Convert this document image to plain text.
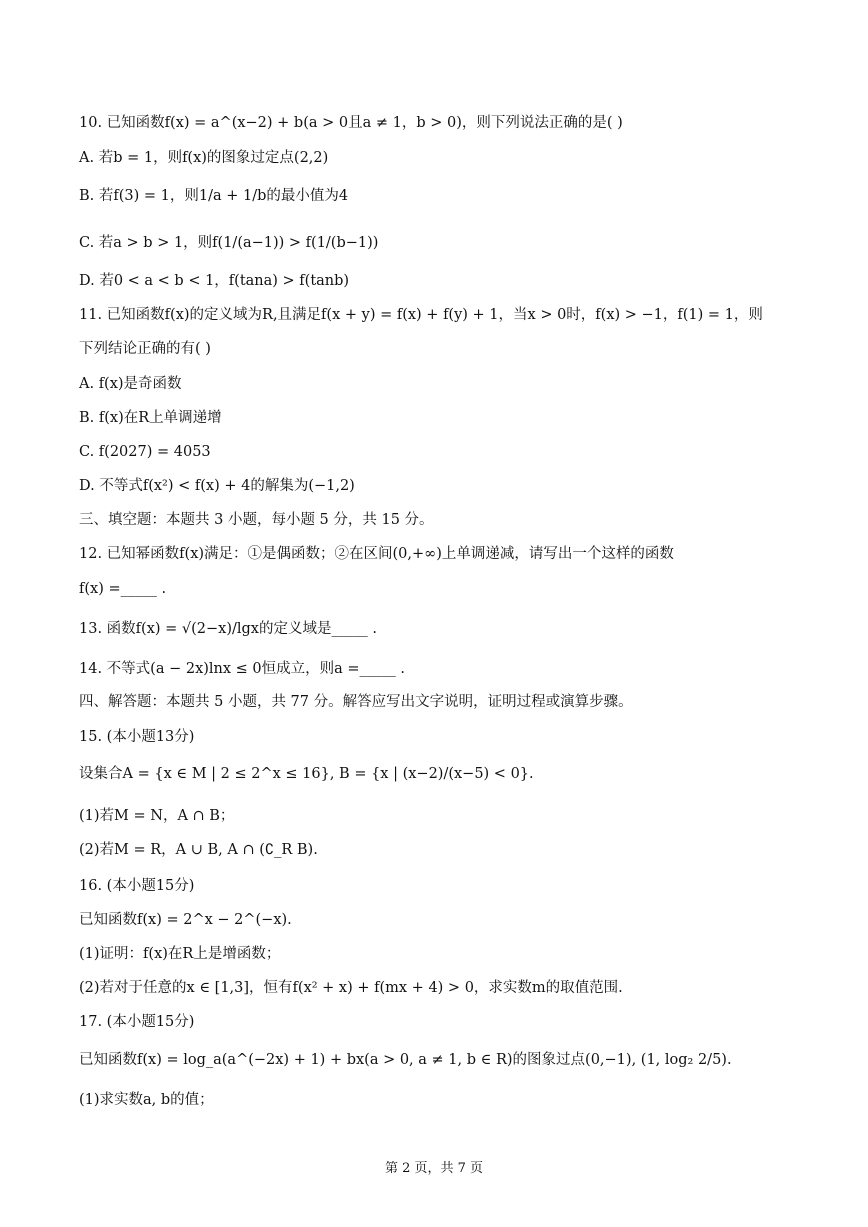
10. 已知函数f(x) = a^(x−2) + b(a > 0且a ≠ 1，b > 0)，则下列说法正确的是( )
A. 若b = 1，则f(x)的图象过定点(2,2)
B. 若f(3) = 1，则1/a + 1/b的最小值为4
C. 若a > b > 1，则f(1/(a−1)) > f(1/(b−1))
D. 若0 < a < b < 1，f(tana) > f(tanb)
11. 已知函数f(x)的定义域为R,且满足f(x + y) = f(x) + f(y) + 1，当x > 0时，f(x) > −1，f(1) = 1，则
下列结论正确的有( )
A. f(x)是奇函数
B. f(x)在R上单调递增
C. f(2027) = 4053
D. 不等式f(x²) < f(x) + 4的解集为(−1,2)
三、填空题：本题共 3 小题，每小题 5 分，共 15 分。
12. 已知幂函数f(x)满足：①是偶函数；②在区间(0,+∞)上单调递减，请写出一个这样的函数
f(x) =_____ .
13. 函数f(x) = √(2−x)/lgx的定义域是_____ .
14. 不等式(a − 2x)lnx ≤ 0恒成立，则a =_____ .
四、解答题：本题共 5 小题，共 77 分。解答应写出文字说明，证明过程或演算步骤。
15. (本小题13分)
设集合A = {x ∈ M | 2 ≤ 2^x ≤ 16}, B = {x | (x−2)/(x−5) < 0}.
(1)若M = N，A ∩ B；
(2)若M = R，A ∪ B, A ∩ (∁_R B).
16. (本小题15分)
已知函数f(x) = 2^x − 2^(−x).
(1)证明：f(x)在R上是增函数；
(2)若对于任意的x ∈ [1,3]，恒有f(x² + x) + f(mx + 4) > 0，求实数m的取值范围.
17. (本小题15分)
已知函数f(x) = log_a(a^(−2x) + 1) + bx(a > 0, a ≠ 1, b ∈ R)的图象过点(0,−1), (1, log₂ 2/5).
(1)求实数a, b的值；
第 2 页，共 7 页
